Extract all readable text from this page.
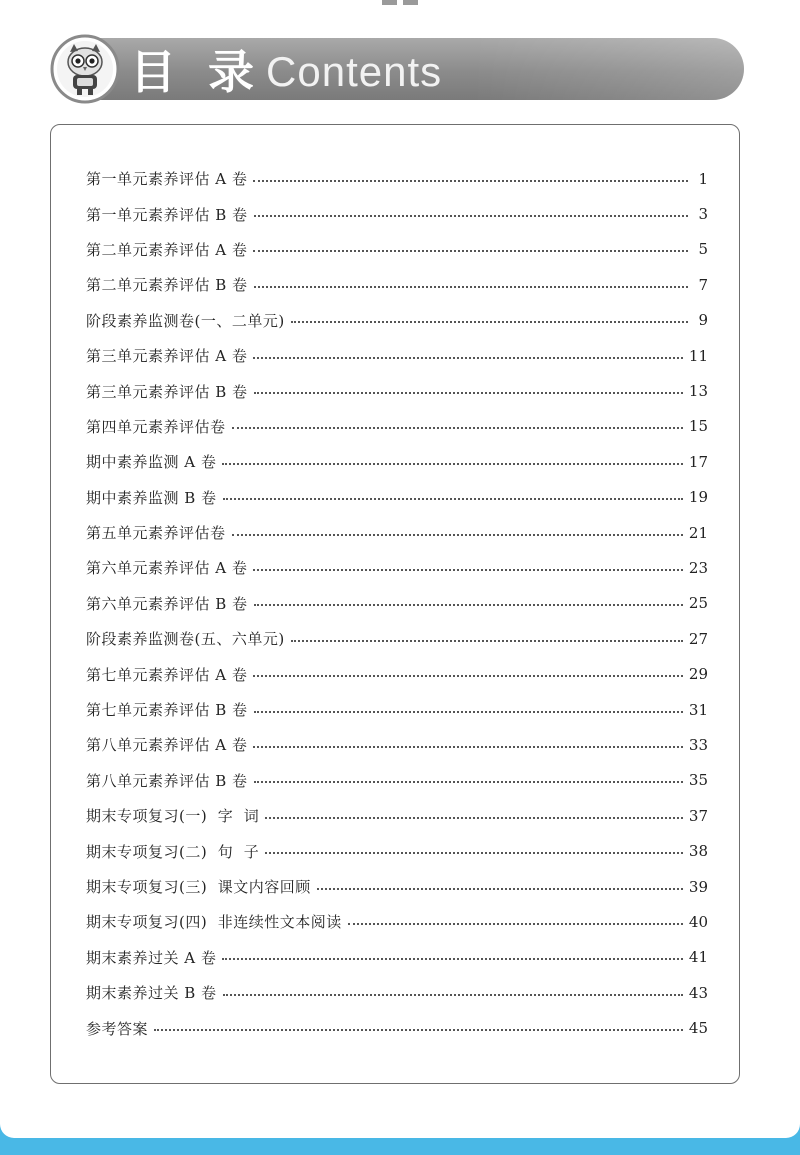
目 录 Contents
第一单元素养评估 A 卷	1
第一单元素养评估 B 卷	3
第二单元素养评估 A 卷	5
第二单元素养评估 B 卷	7
阶段素养监测卷(一、二单元)	9
第三单元素养评估 A 卷	11
第三单元素养评估 B 卷	13
第四单元素养评估卷	15
期中素养监测 A 卷	17
期中素养监测 B 卷	19
第五单元素养评估卷	21
第六单元素养评估 A 卷	23
第六单元素养评估 B 卷	25
阶段素养监测卷(五、六单元)	27
第七单元素养评估 A 卷	29
第七单元素养评估 B 卷	31
第八单元素养评估 A 卷	33
第八单元素养评估 B 卷	35
期末专项复习(一)  字  词	37
期末专项复习(二)  句  子	38
期末专项复习(三)  课文内容回顾	39
期末专项复习(四)  非连续性文本阅读	40
期末素养过关 A 卷	41
期末素养过关 B 卷	43
参考答案	45
